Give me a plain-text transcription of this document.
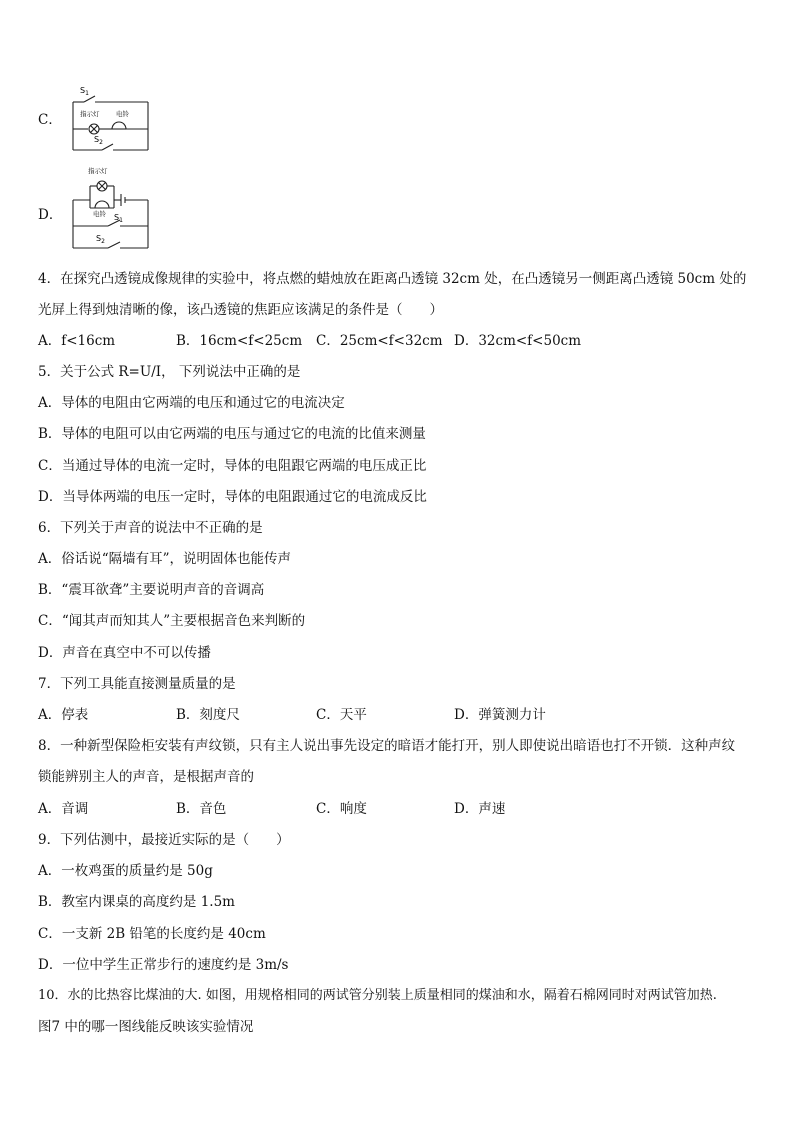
C．
$S_1$
指示灯	电铃
$S_2$
D．
指示灯
电铃 $S_1$
$S_2$
4．在探究凸透镜成像规律的实验中，将点燃的蜡烛放在距离凸透镜 32cm 处，在凸透镜另一侧距离凸透镜 50cm 处的
光屏上得到烛清晰的像，该凸透镜的焦距应该满足的条件是（　　）
A．f<16cm	B．16cm<f<25cm C．25cm<f<32cm D．32cm<f<50cm
5．关于公式 R=U/I， 下列说法中正确的是
A．导体的电阻由它两端的电压和通过它的电流决定
B．导体的电阻可以由它两端的电压与通过它的电流的比值来测量
C．当通过导体的电流一定时，导体的电阻跟它两端的电压成正比
D．当导体两端的电压一定时，导体的电阻跟通过它的电流成反比
6．下列关于声音的说法中不正确的是
A．俗话说“隔墙有耳”，说明固体也能传声
B．“震耳欲聋”主要说明声音的音调高
C．“闻其声而知其人”主要根据音色来判断的
D．声音在真空中不可以传播
7．下列工具能直接测量质量的是
A．停表	B．刻度尺	C．天平	D．弹簧测力计
8．一种新型保险柜安装有声纹锁，只有主人说出事先设定的暗语才能打开，别人即使说出暗语也打不开锁．这种声纹
锁能辨别主人的声音，是根据声音的
A．音调	B．音色	C．响度	D．声速
9．下列估测中，最接近实际的是（　　）
A．一枚鸡蛋的质量约是 50g
B．教室内课桌的高度约是 1.5m
C．一支新 2B 铅笔的长度约是 40cm
D．一位中学生正常步行的速度约是 3m/s
10．水的比热容比煤油的大. 如图，用规格相同的两试管分别装上质量相同的煤油和水，隔着石棉网同时对两试管加热.
图7 中的哪一图线能反映该实验情况
